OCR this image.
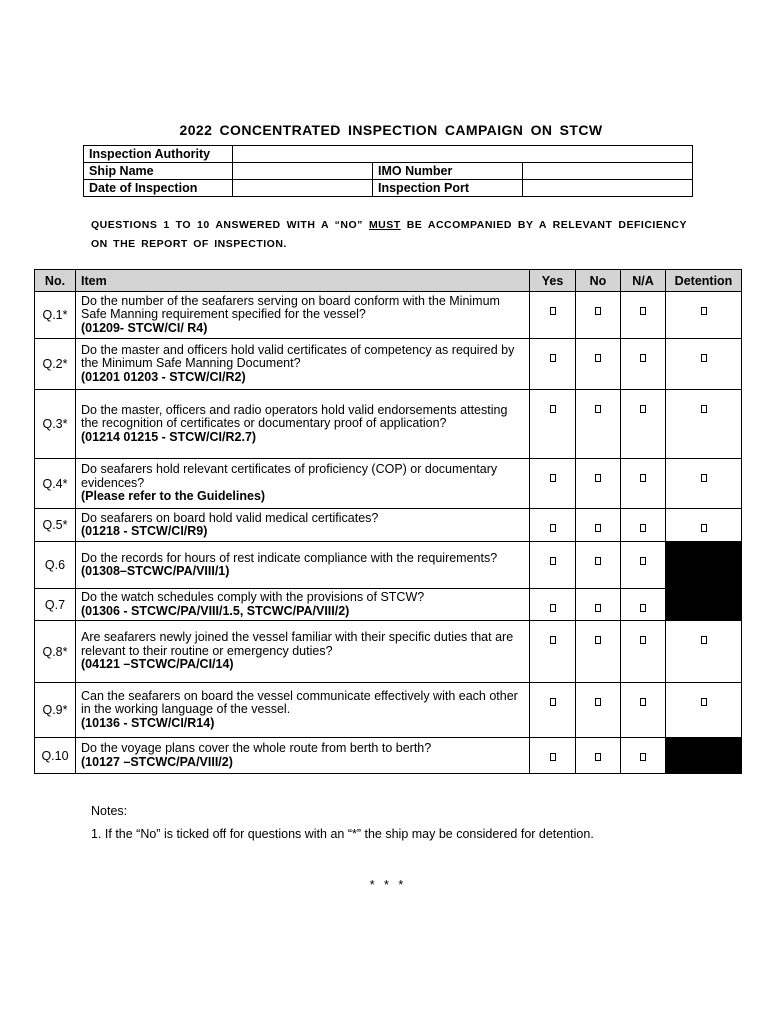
2022 CONCENTRATED INSPECTION CAMPAIGN ON STCW
Inspection Authority			
Ship Name		IMO Number	
Date of Inspection		Inspection Port	
QUESTIONS 1 TO 10 ANSWERED WITH A “NO” MUST BE ACCOMPANIED BY A RELEVANT DEFICIENCY ON THE REPORT OF INSPECTION.
No.	Item	Yes	No	N/A	Detention
Q.1*	Do the number of the seafarers serving on board conform with the Minimum Safe Manning requirement specified for the vessel?
(01209- STCW/CI/ R4)				

Q.2*	Do the master and officers hold valid certificates of competency as required by the Minimum Safe Manning Document?
(01201 01203 - STCW/CI/R2)				

Q.3*	Do the master, officers and radio operators hold valid endorsements attesting the recognition of certificates or documentary proof of application?
(01214 01215 - STCW/CI/R2.7)				

Q.4*	Do seafarers hold relevant certificates of proficiency (COP) or documentary evidences?
(Please refer to the Guidelines)				

Q.5*	Do seafarers on board hold valid medical certificates?
(01218 - STCW/CI/R9)				

Q.6	Do the records for hours of rest indicate compliance with the requirements?
(01308–STCWC/PA/VIII/1)				

Q.7	Do the watch schedules comply with the provisions of STCW?
(01306 - STCWC/PA/VIII/1.5, STCWC/PA/VIII/2)				

Q.8*	Are seafarers newly joined the vessel familiar with their specific duties that are relevant to their routine or emergency duties?
(04121 –STCWC/PA/CI/14)				

Q.9*	Can the seafarers on board the vessel communicate effectively with each other in the working language of the vessel.
(10136 - STCW/CI/R14)				

Q.10	Do the voyage plans cover the whole route from berth to berth?
(10127 –STCWC/PA/VIII/2)				

Notes:
1. If the “No” is ticked off for questions with an “*” the ship may be considered for detention.
* * *
